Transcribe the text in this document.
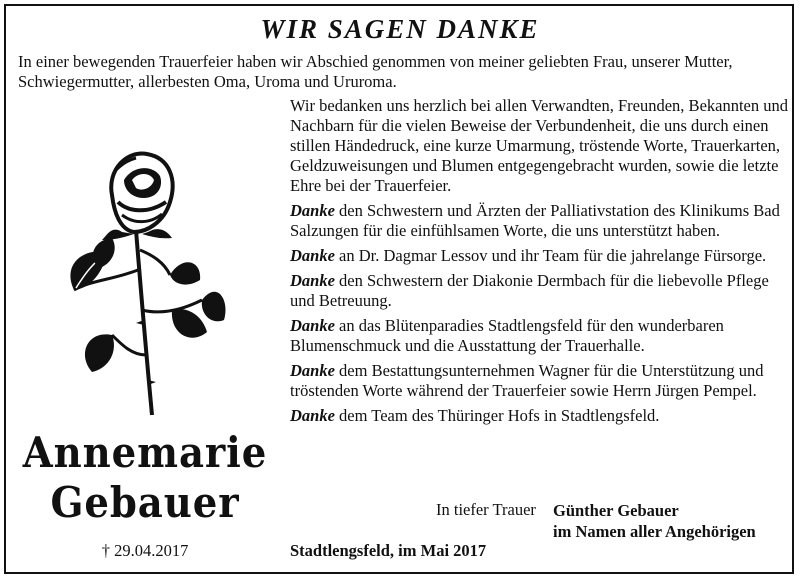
WIR SAGEN DANKE
In einer bewegenden Trauerfeier haben wir Abschied genommen von meiner geliebten Frau, unserer Mutter, Schwiegermutter, allerbesten Oma, Uroma und Ururoma.

Wir bedanken uns herzlich bei allen Verwandten, Freunden, Bekannten und Nachbarn für die vielen Beweise der Verbundenheit, die uns durch einen stillen Händedruck, eine kurze Umarmung, tröstende Worte, Trauerkarten, Geldzuweisungen und Blumen entgegengebracht wurden, sowie die letzte Ehre bei der Trauerfeier.

Danke den Schwestern und Ärzten der Palliativstation des Klinikums Bad Salzungen für die einfühlsamen Worte, die uns unterstützt haben.

Danke an Dr. Dagmar Lessov und ihr Team für die jahrelange Fürsorge.

Danke den Schwestern der Diakonie Dermbach für die liebevolle Pflege und Betreuung.

Danke an das Blütenparadies Stadtlengsfeld für den wunderbaren Blumenschmuck und die Ausstattung der Trauerhalle.

Danke dem Bestattungsunternehmen Wagner für die Unterstützung und tröstenden Worte während der Trauerfeier sowie Herrn Jürgen Pempel.

Danke dem Team des Thüringer Hofs in Stadtlengsfeld.

Annemarie
Gebauer
† 29.04.2017
In tiefer Trauer Günther Gebauer
im Namen aller Angehörigen
Stadtlengsfeld, im Mai 2017
